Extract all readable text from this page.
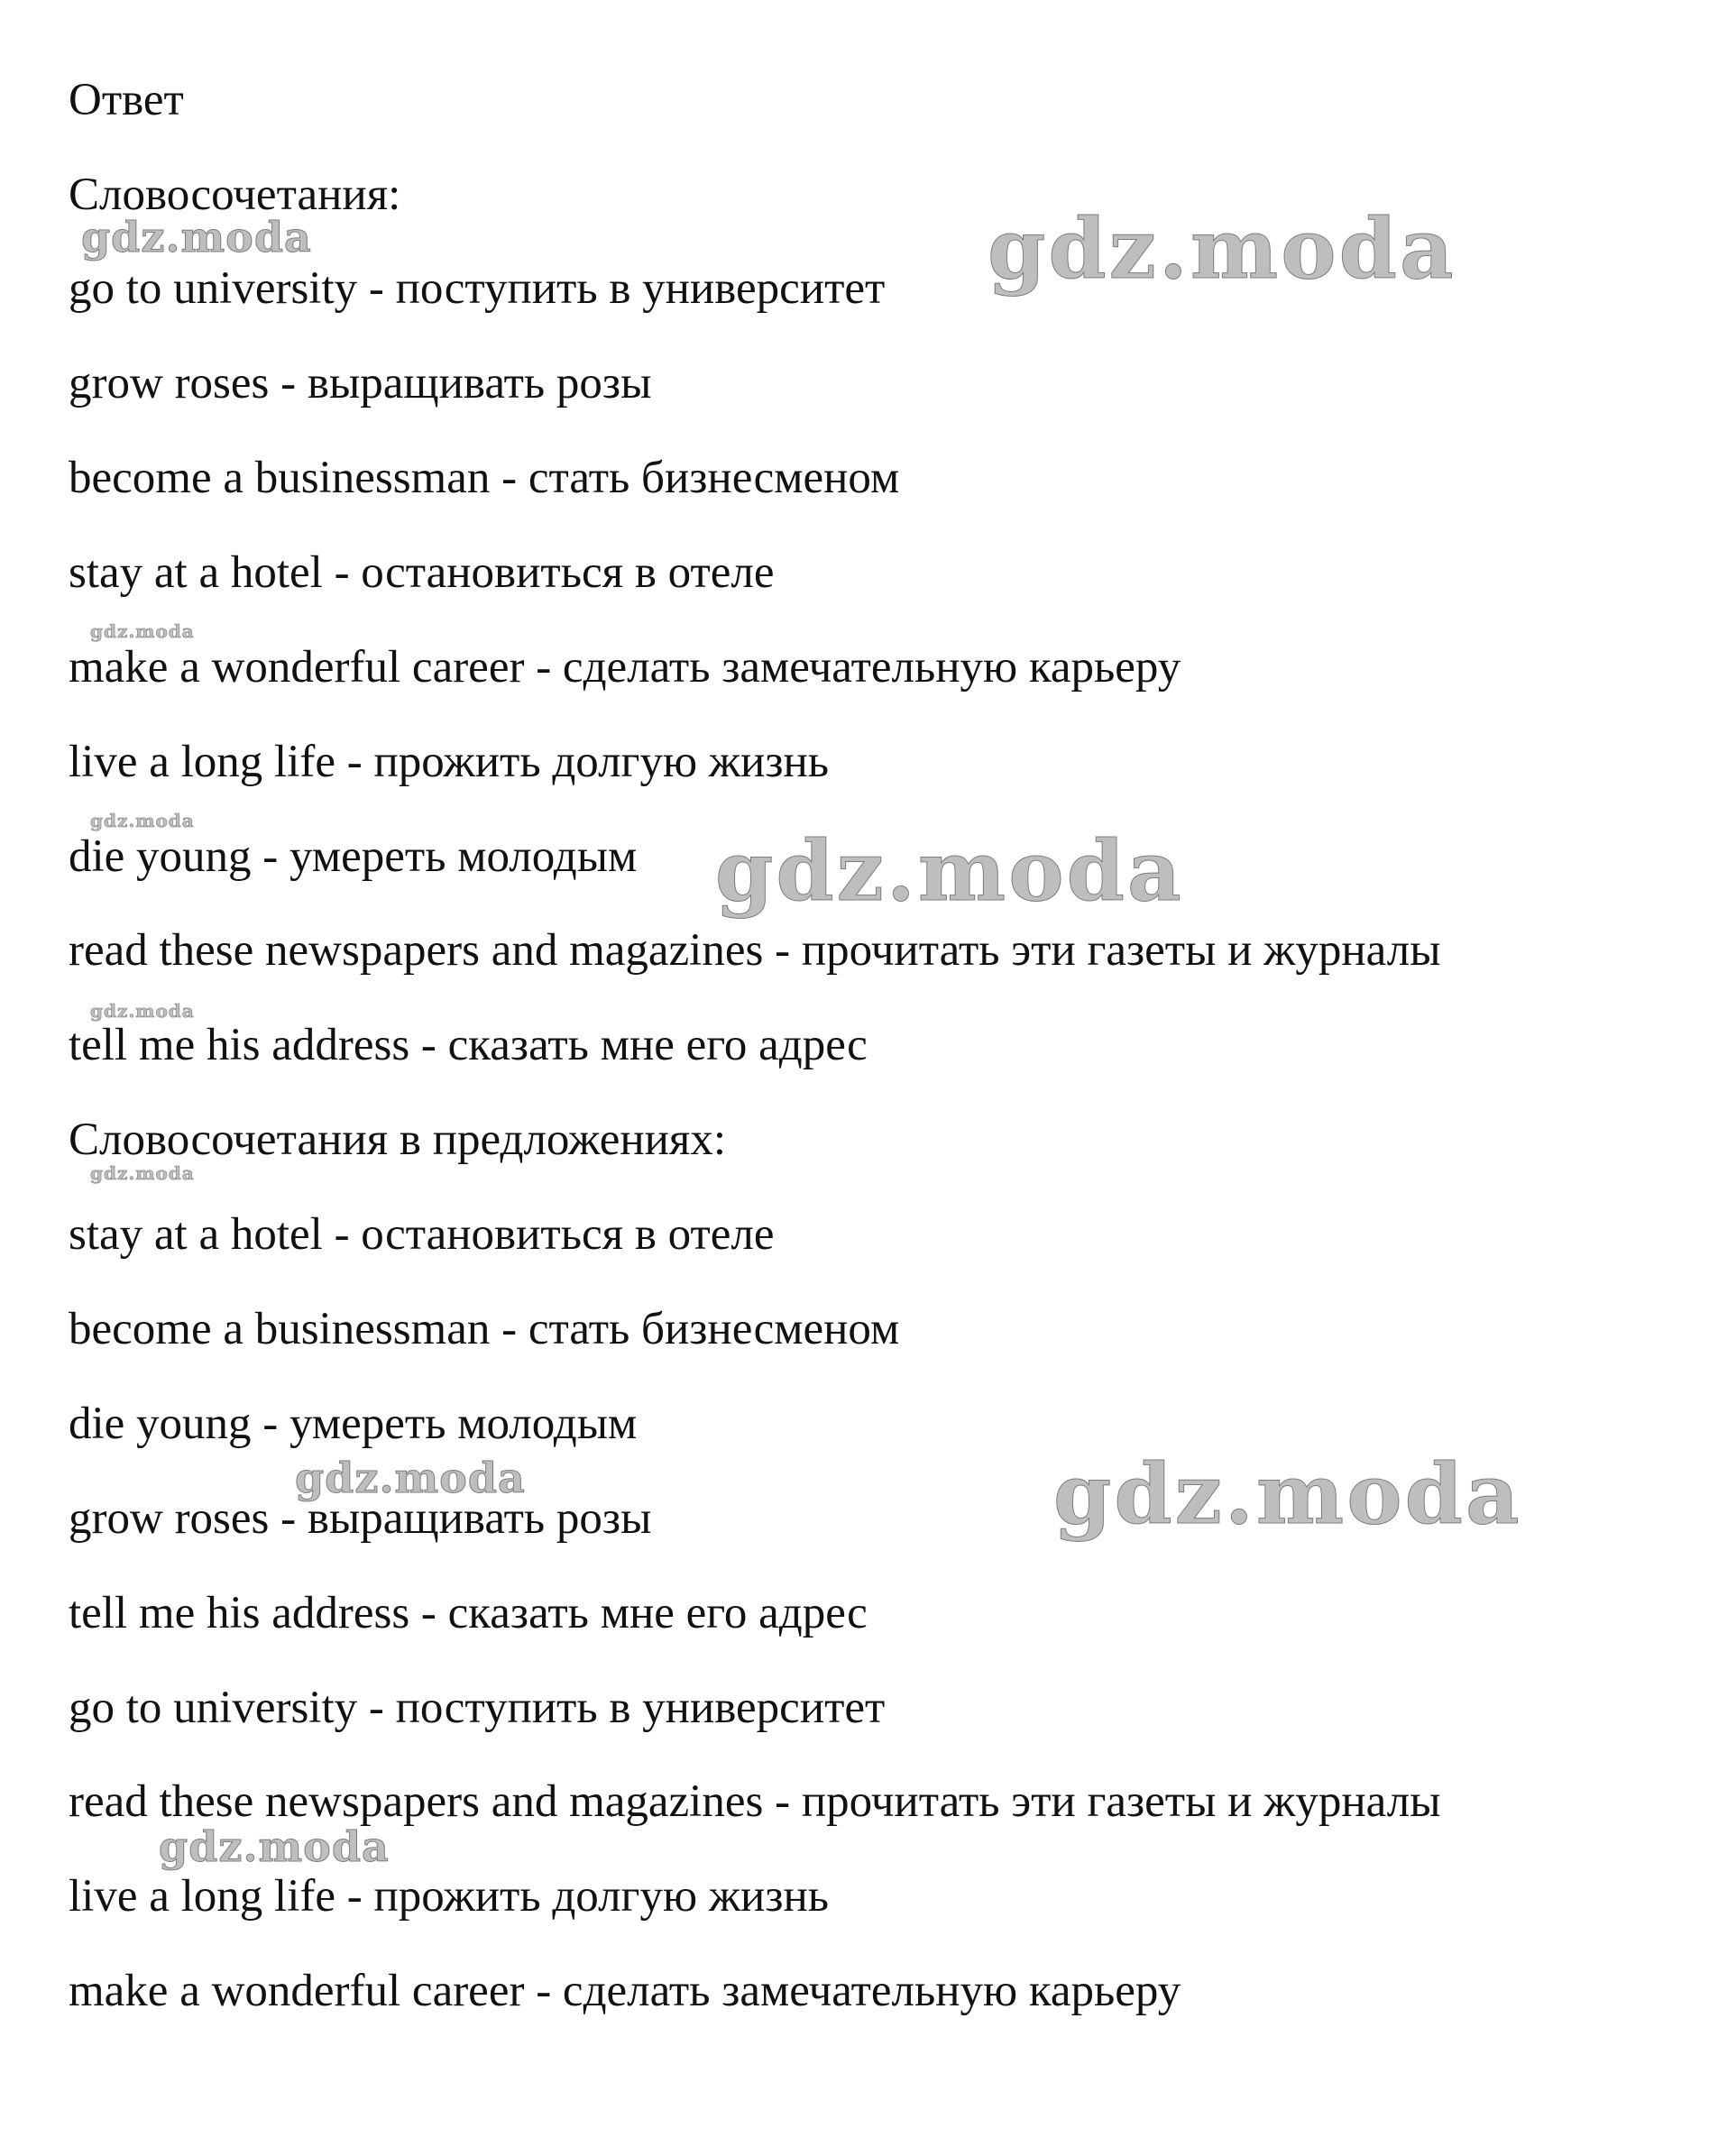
Ответ
Словосочетания:
go to university - поступить в университет
grow roses - выращивать розы
become a businessman - стать бизнесменом
stay at a hotel - остановиться в отеле
make a wonderful career - сделать замечательную карьеру
live a long life - прожить долгую жизнь
die young - умереть молодым
read these newspapers and magazines - прочитать эти газеты и журналы
tell me his address - сказать мне его адрес
Словосочетания в предложениях:
stay at a hotel - остановиться в отеле
become a businessman - стать бизнесменом
die young - умереть молодым
grow roses - выращивать розы
tell me his address - сказать мне его адрес
go to university - поступить в университет
read these newspapers and magazines - прочитать эти газеты и журналы
live a long life - прожить долгую жизнь
make a wonderful career - сделать замечательную карьеру
gdz.moda	gdz.moda
gdz.moda
gdz.moda
gdz.moda
gdz.moda
gdz.moda
gdz.moda	gdz.moda
gdz.moda
